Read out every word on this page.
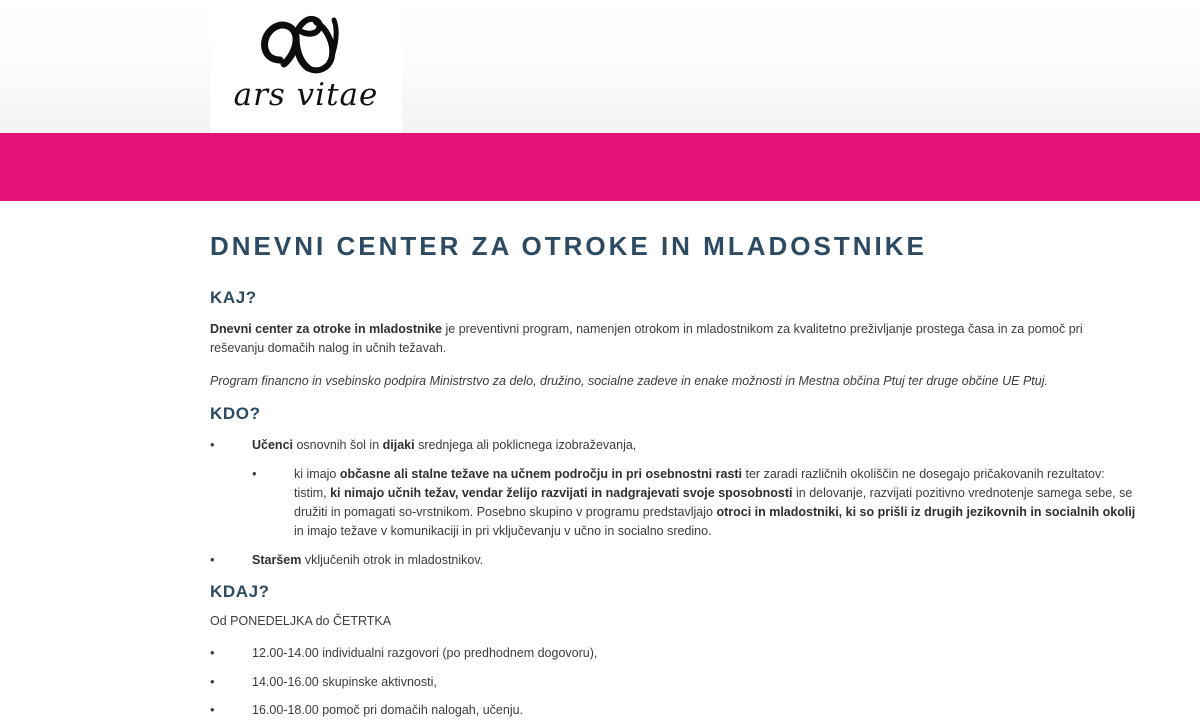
ars vitae
DNEVNI CENTER ZA OTROKE IN MLADOSTNIKE
KAJ?

Dnevni center za otroke in mladostnike je preventivni program, namenjen otrokom in mladostnikom za kvalitetno preživljanje prostega časa in za pomoč pri reševanju domačih nalog in učnih težavah.

Program financno in vsebinsko podpira Ministrstvo za delo, družino, socialne zadeve in enake možnosti in Mestna občina Ptuj ter druge občine UE Ptuj.

KDO?
• Učenci osnovnih šol in dijaki srednjega ali poklicnega izobraževanja,
• ki imajo občasne ali stalne težave na učnem področju in pri osebnostni rasti ter zaradi različnih okoliščin ne dosegajo pričakovanih rezultatov: tistim, ki nimajo učnih težav, vendar želijo razvijati in nadgrajevati svoje sposobnosti in delovanje, razvijati pozitivno vrednotenje samega sebe, se družiti in pomagati so-vrstnikom. Posebno skupino v programu predstavljajo otroci in mladostniki, ki so prišli iz drugih jezikovnih in socialnih okolij in imajo težave v komunikaciji in pri vključevanju v učno in socialno sredino.
• Staršem vključenih otrok in mladostnikov.
KDAJ?

Od PONEDELJKA do ČETRTKA

• 12.00-14.00 individualni razgovori (po predhodnem dogovoru),
• 14.00-16.00 skupinske aktivnosti,
• 16.00-18.00 pomoč pri domačih nalogah, učenju.
